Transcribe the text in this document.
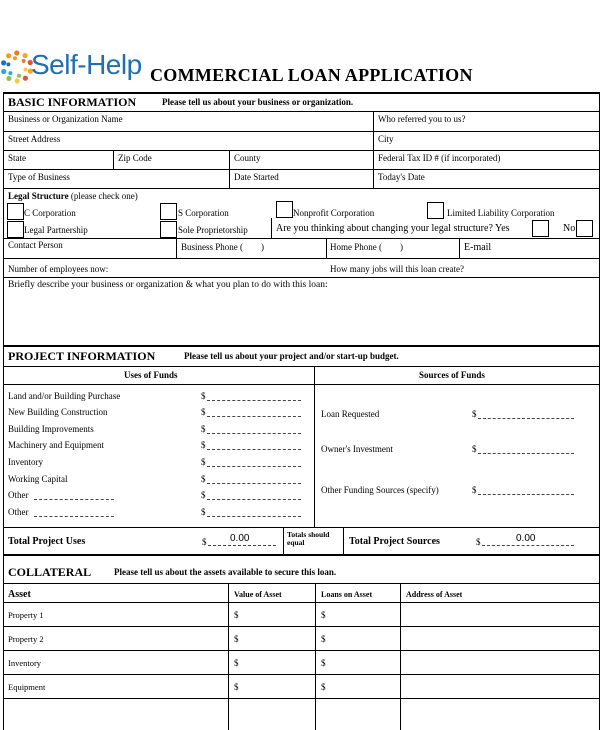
Self-Help COMMERCIAL LOAN APPLICATION
BASIC INFORMATION	Please tell us about your business or organization.
Business or Organization Name	Who referred you to us?
Street Address	City
State	Zip Code	County	Federal Tax ID # (if incorporated)
Type of Business	Date Started	Today's Date
Legal Structure (please check one)
C Corporation	S Corporation	Nonprofit Corporation	Limited Liability Corporation
Legal Partnership	Sole Proprietorship	Are you thinking about changing your legal structure? Yes	No
Contact Person	Business Phone (        )	Home Phone (        )	E-mail
Number of employees now:	How many jobs will this loan create?
Briefly describe your business or organization & what you plan to do with this loan:
PROJECT INFORMATION	Please tell us about your project and/or start-up budget.
Uses of Funds	Sources of Funds
Land and/or Building Purchase	$
New Building Construction	$
Building Improvements	$
Machinery and Equipment	$
Inventory	$
Working Capital	$
Other	$
Other	$
Loan Requested	$
Owner's Investment	$
Other Funding Sources (specify)	$
Total Project Uses	$ 0.00	Totals should equal	Total Project Sources	$	0.00
COLLATERAL	Please tell us about the assets available to secure this loan.
Asset	Value of Asset	Loans on Asset	Address of Asset
Property 1	$	$
Property 2	$	$
Inventory	$	$
Equipment	$	$
